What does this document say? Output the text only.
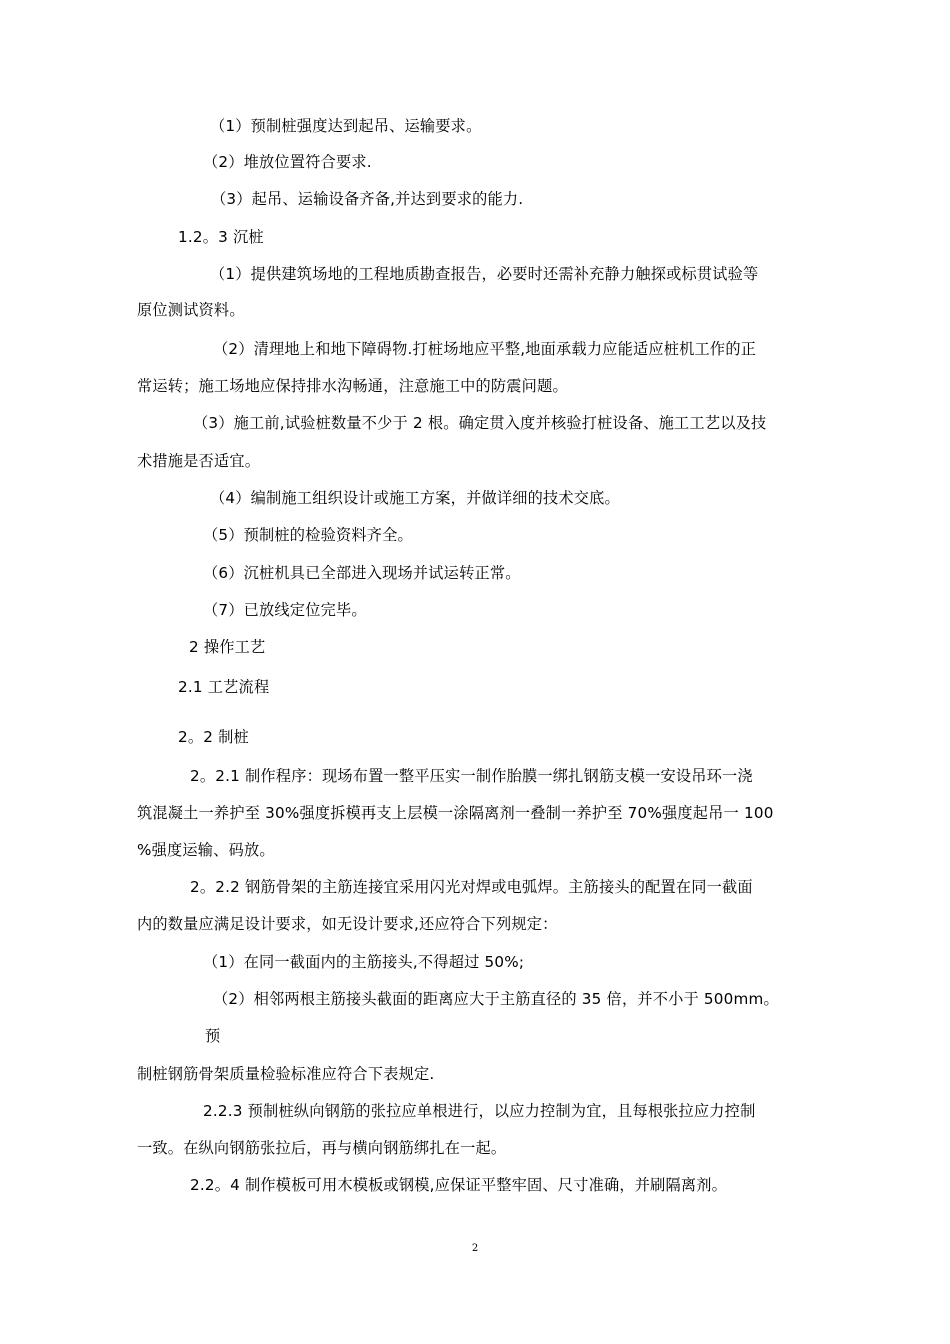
（1）预制桩强度达到起吊、运输要求。
（2）堆放位置符合要求.
（3）起吊、运输设备齐备,并达到要求的能力.
1.2。3 沉桩
（1）提供建筑场地的工程地质勘查报告，必要时还需补充静力触探或标贯试验等
原位测试资料。
（2）清理地上和地下障碍物.打桩场地应平整,地面承载力应能适应桩机工作的正
常运转；施工场地应保持排水沟畅通，注意施工中的防震问题。
（3）施工前,试验桩数量不少于 2 根。确定贯入度并核验打桩设备、施工工艺以及技
术措施是否适宜。
（4）编制施工组织设计或施工方案，并做详细的技术交底。
（5）预制桩的检验资料齐全。
（6）沉桩机具已全部进入现场并试运转正常。
（7）已放线定位完毕。
2 操作工艺
2.1 工艺流程
2。2 制桩
2。2.1 制作程序：现场布置一整平压实一制作胎膜一绑扎钢筋支模一安设吊环一浇
筑混凝土一养护至 30%强度拆模再支上层模一涂隔离剂一叠制一养护至 70%强度起吊一 100
%强度运输、码放。
2。2.2 钢筋骨架的主筋连接宜采用闪光对焊或电弧焊。主筋接头的配置在同一截面
内的数量应满足设计要求，如无设计要求,还应符合下列规定：
（1）在同一截面内的主筋接头,不得超过 50%;
（2）相邻两根主筋接头截面的距离应大于主筋直径的 35 倍，并不小于 500mm。
预
制桩钢筋骨架质量检验标准应符合下表规定.
2.2.3 预制桩纵向钢筋的张拉应单根进行，以应力控制为宜，且每根张拉应力控制
一致。在纵向钢筋张拉后，再与横向钢筋绑扎在一起。
2.2。4 制作模板可用木模板或钢模,应保证平整牢固、尺寸准确，并刷隔离剂。
2
